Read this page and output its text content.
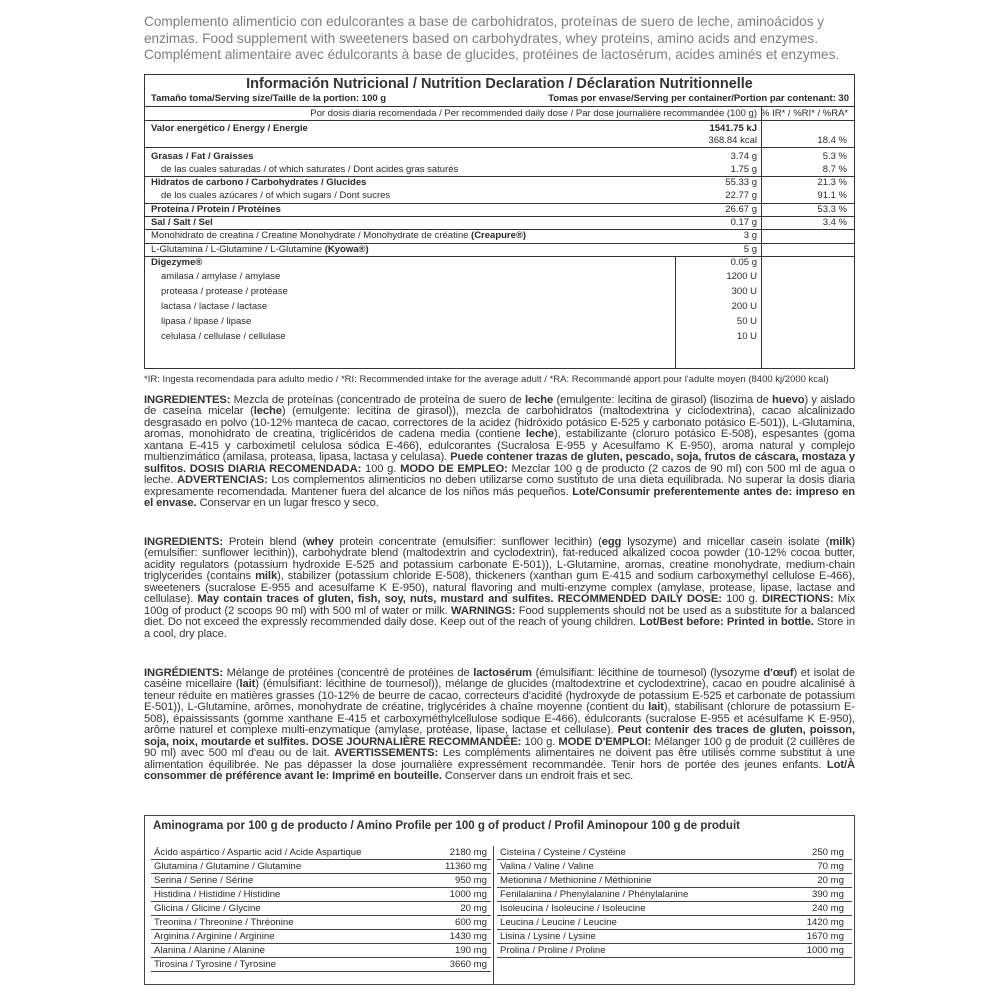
Complemento alimenticio con edulcorantes a base de carbohidratos, proteínas de suero de leche, aminoácidos y enzimas. Food supplement with sweeteners based on carbohydrates, whey proteins, amino acids and enzymes. Complément alimentaire avec édulcorants à base de glucides, protéines de lactosérum, acides aminés et enzymes.
Información Nutricional / Nutrition Declaration / Déclaration Nutritionnelle
Tamaño toma/Serving size/Taille de la portion: 100 g	Tomas por envase/Serving per container/Portion par contenant: 30
Por dosis diaria recomendada / Per recommended daily dose / Par dose journalière recommandée (100 g) % IR* / %RI* / %RA*
Valor energético / Energy / Energie	1541.75 kJ
368.84 kcal	18.4 %
Grasas / Fat / Graisses	3.74 g	5.3 %
de las cuales saturadas / of which saturates / Dont acides gras saturés	1.75 g	8.7 %
Hidratos de carbono / Carbohydrates / Glucides	55.33 g	21.3 %
de los cuales azúcares / of which sugars / Dont sucres	22.77 g	91.1 %
Proteína / Protein / Protéines	26.67 g	53.3 %
Sal / Salt / Sel	0.17 g	3.4 %
Monohidrato de creatina / Creatine Monohydrate / Monohydrate de créatine (Creapure®)	3 g
L-Glutamina / L-Glutamine / L-Glutamine (Kyowa®)	5 g
Digezyme®	0.05 g
amilasa / amylase / amylase	1200 U
proteasa / protease / protéase	300 U
lactasa / lactase / lactase	200 U
lipasa / lipase / lipase	50 U
celulasa / cellulase / cellulase	10 U
*IR: Ingesta recomendada para adulto medio / *RI: Recommended intake for the average adult / *RA: Recommandé apport pour l'adulte moyen (8400 kj/2000 kcal)
INGREDIENTES: Mezcla de proteínas (concentrado de proteína de suero de leche (emulgente: lecitina de girasol) (lisozima de huevo) y aislado de caseína micelar (leche) (emulgente: lecitina de girasol)), mezcla de carbohidratos (maltodextrina y ciclodextrina), cacao alcalinizado desgrasado en polvo (10-12% manteca de cacao, correctores de la acidez (hidróxido potásico E-525 y carbonato potásico E-501)), L-Glutamina, aromas, monohidrato de creatina, triglicéridos de cadena media (contiene leche), estabilizante (cloruro potásico E-508), espesantes (goma xantana E-415 y carboximetil celulosa sódica E-466), edulcorantes (Sucralosa E-955 y Acesulfamo K E-950), aroma natural y complejo multienzimático (amilasa, proteasa, lipasa, lactasa y celulasa). Puede contener trazas de gluten, pescado, soja, frutos de cáscara, mostaza y sulfitos. DOSIS DIARIA RECOMENDADA: 100 g. MODO DE EMPLEO: Mezclar 100 g de producto (2 cazos de 90 ml) con 500 ml de agua o leche. ADVERTENCIAS: Los complementos alimenticios no deben utilizarse como sustituto de una dieta equilibrada. No superar la dosis diaria expresamente recomendada. Mantener fuera del alcance de los niños más pequeños. Lote/Consumir preferentemente antes de: impreso en el envase. Conservar en un lugar fresco y seco.
INGREDIENTS: Protein blend (whey protein concentrate (emulsifier: sunflower lecithin) (egg lysozyme) and micellar casein isolate (milk) (emulsifier: sunflower lecithin)), carbohydrate blend (maltodextrin and cyclodextrin), fat-reduced alkalized cocoa powder (10-12% cocoa butter, acidity regulators (potassium hydroxide E-525 and potassium carbonate E-501)), L-Glutamine, aromas, creatine monohydrate, medium-chain triglycerides (contains milk), stabilizer (potassium chloride E-508), thickeners (xanthan gum E-415 and sodium carboxymethyl cellulose E-466), sweeteners (sucralose E-955 and acesulfame K E-950), natural flavoring and multi-enzyme complex (amylase, protease, lipase, lactase and cellulase). May contain traces of gluten, fish, soy, nuts, mustard and sulfites. RECOMMENDED DAILY DOSE: 100 g. DIRECTIONS: Mix 100g of product (2 scoops 90 ml) with 500 ml of water or milk. WARNINGS: Food supplements should not be used as a substitute for a balanced diet. Do not exceed the expressly recommended daily dose. Keep out of the reach of young children. Lot/Best before: Printed in bottle. Store in a cool, dry place.
INGRÉDIENTS: Mélange de protéines (concentré de protéines de lactosérum (émulsifiant: lécithine de tournesol) (lysozyme d'œuf) et isolat de caséine micellaire (lait) (émulsifiant: lécithine de tournesol)), mélange de glucides (maltodextrine et cyclodextrine), cacao en poudre alcalinisé à teneur réduite en matières grasses (10-12% de beurre de cacao, correcteurs d'acidité (hydroxyde de potassium E-525 et carbonate de potassium E-501)), L-Glutamine, arômes, monohydrate de créatine, triglycérides à chaîne moyenne (contient du lait), stabilisant (chlorure de potassium E-508), épaississants (gomme xanthane E-415 et carboxyméthylcellulose sodique E-466), édulcorants (sucralose E-955 et acésulfame K E-950), arôme naturel et complexe multi-enzymatique (amylase, protéase, lipase, lactase et cellulase). Peut contenir des traces de gluten, poisson, soja, noix, moutarde et sulfites. DOSE JOURNALIÈRE RECOMMANDÉE: 100 g. MODE D'EMPLOI: Mélanger 100 g de produit (2 cuillères de 90 ml) avec 500 ml d'eau ou de lait. AVERTISSEMENTS: Les compléments alimentaires ne doivent pas être utilisés comme substitut à une alimentation équilibrée. Ne pas dépasser la dose journalière expressément recommandée. Tenir hors de portée des jeunes enfants. Lot/À consommer de préférence avant le: Imprimé en bouteille. Conserver dans un endroit frais et sec.
Aminograma por 100 g de producto / Amino Profile per 100 g of product / Profil Aminopour 100 g de produit
Ácido aspártico / Aspartic acid / Acide Aspartique	2180 mg
Glutamina / Glutamine / Glutamine	11360 mg
Serina / Serine / Sérine	950 mg
Histidina / Histidine / Histidine	1000 mg
Glicina / Glicine / Glycine	20 mg
Treonina / Threonine / Thréonine	600 mg
Arginina / Arginine / Arginine	1430 mg
Alanina / Alanine / Alanine	190 mg
Tirosina / Tyrosine / Tyrosine	3660 mg
Cisteína / Cysteine / Cystéine	250 mg
Valina / Valine / Valine	70 mg
Metionina / Methionine / Méthionine	20 mg
Fenilalanina / Phenylalanine / Phénylalanine	390 mg
Isoleucina / Isoleucine / Isoleucine	240 mg
Leucina / Leucine / Leucine	1420 mg
Lisina / Lysine / Lysine	1670 mg
Prolina / Proline / Proline	1000 mg
